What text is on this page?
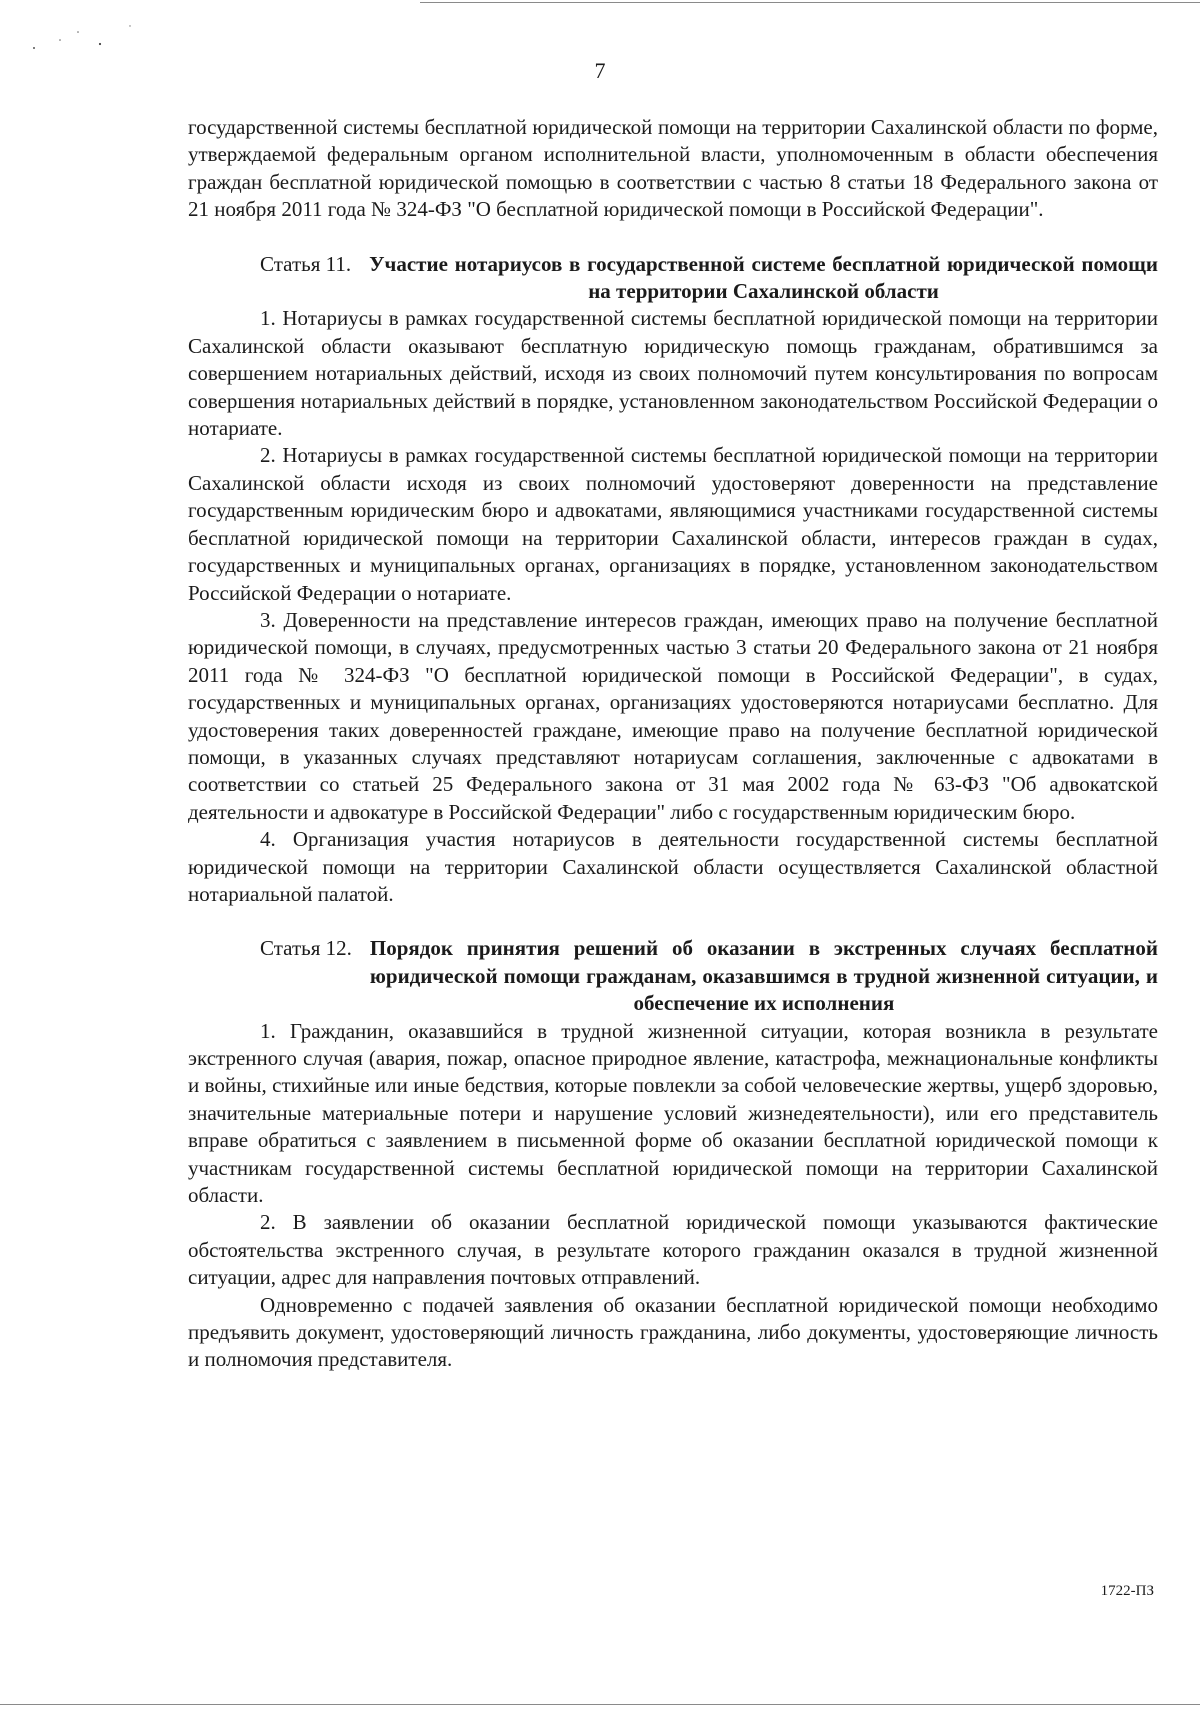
7

государственной системы бесплатной юридической помощи на территории Сахалинской области по форме, утверждаемой федеральным органом исполнительной власти, уполномоченным в области обеспечения граждан бесплатной юридической помощью в соответствии с частью 8 статьи 18 Федерального закона от 21 ноября 2011 года № 324-ФЗ "О бесплатной юридической помощи в Российской Федерации".

Статья 11. Участие нотариусов в государственной системе бесплатной юридической помощи на территории Сахалинской области

1. Нотариусы в рамках государственной системы бесплатной юридической помощи на территории Сахалинской области оказывают бесплатную юридическую помощь гражданам, обратившимся за совершением нотариальных действий, исходя из своих полномочий путем консультирования по вопросам совершения нотариальных действий в порядке, установленном законодательством Российской Федерации о нотариате.

2. Нотариусы в рамках государственной системы бесплатной юридической помощи на территории Сахалинской области исходя из своих полномочий удостоверяют доверенности на представление государственным юридическим бюро и адвокатами, являющимися участниками государственной системы бесплатной юридической помощи на территории Сахалинской области, интересов граждан в судах, государственных и муниципальных органах, организациях в порядке, установленном законодательством Российской Федерации о нотариате.

3. Доверенности на представление интересов граждан, имеющих право на получение бесплатной юридической помощи, в случаях, предусмотренных частью 3 статьи 20 Федерального закона от 21 ноября 2011 года № 324-ФЗ "О бесплатной юридической помощи в Российской Федерации", в судах, государственных и муниципальных органах, организациях удостоверяются нотариусами бесплатно. Для удостоверения таких доверенностей граждане, имеющие право на получение бесплатной юридической помощи, в указанных случаях представляют нотариусам соглашения, заключенные с адвокатами в соответствии со статьей 25 Федерального закона от 31 мая 2002 года № 63-ФЗ "Об адвокатской деятельности и адвокатуре в Российской Федерации" либо с государственным юридическим бюро.

4. Организация участия нотариусов в деятельности государственной системы бесплатной юридической помощи на территории Сахалинской области осуществляется Сахалинской областной нотариальной палатой.

Статья 12. Порядок принятия решений об оказании в экстренных случаях бесплатной юридической помощи гражданам, оказавшимся в трудной жизненной ситуации, и обеспечение их исполнения

1. Гражданин, оказавшийся в трудной жизненной ситуации, которая возникла в результате экстренного случая (авария, пожар, опасное природное явление, катастрофа, межнациональные конфликты и войны, стихийные или иные бедствия, которые повлекли за собой человеческие жертвы, ущерб здоровью, значительные материальные потери и нарушение условий жизнедеятельности), или его представитель вправе обратиться с заявлением в письменной форме об оказании бесплатной юридической помощи к участникам государственной системы бесплатной юридической помощи на территории Сахалинской области.

2. В заявлении об оказании бесплатной юридической помощи указываются фактические обстоятельства экстренного случая, в результате которого гражданин оказался в трудной жизненной ситуации, адрес для направления почтовых отправлений.

Одновременно с подачей заявления об оказании бесплатной юридической помощи необходимо предъявить документ, удостоверяющий личность гражданина, либо документы, удостоверяющие личность и полномочия представителя.

1722-ПЗ
